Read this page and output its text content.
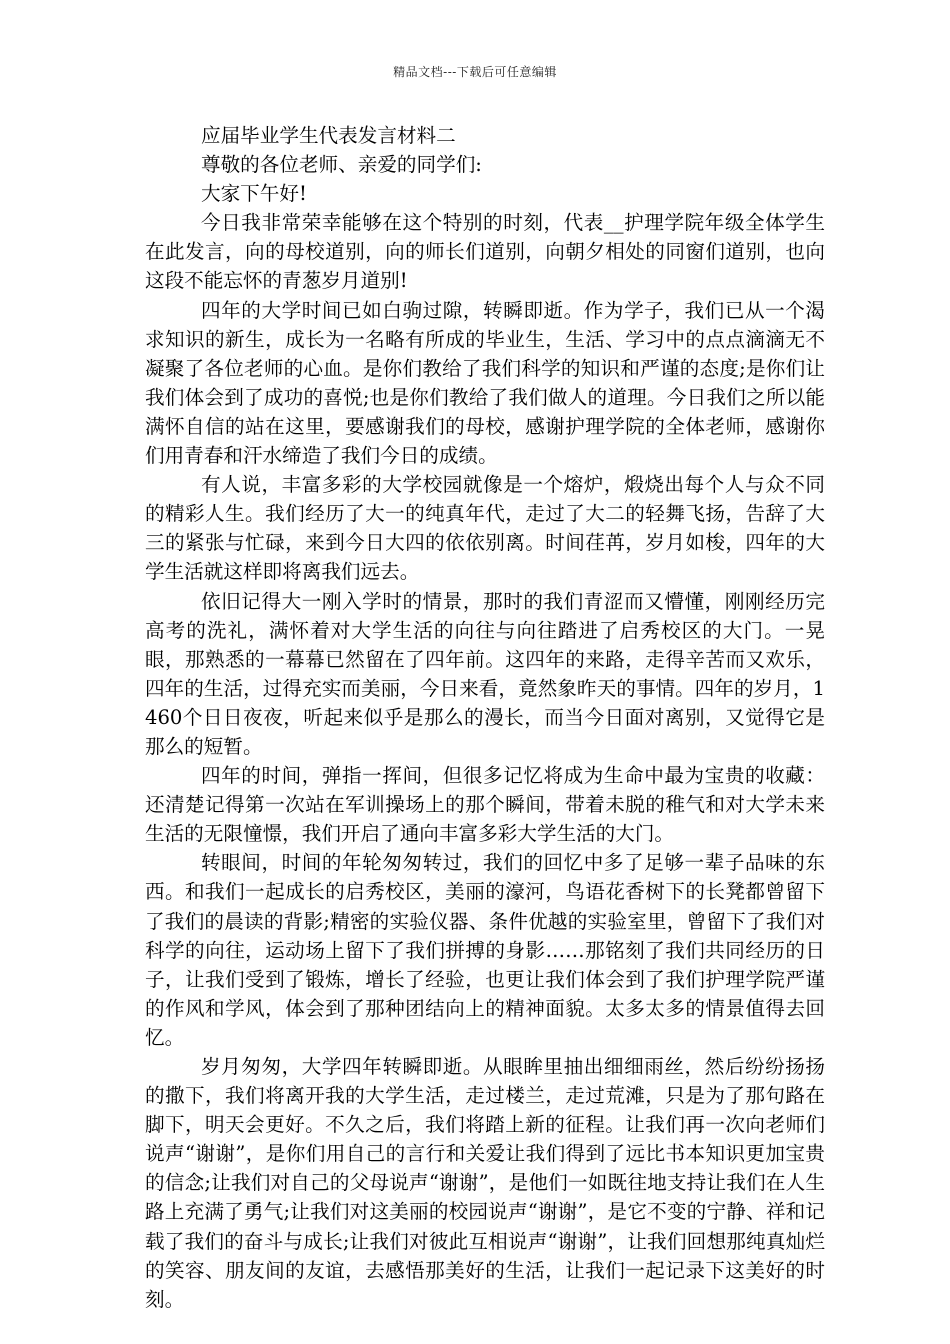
精品文档---下载后可任意编辑

应届毕业学生代表发言材料二

尊敬的各位老师、亲爱的同学们:

大家下午好!

今日我非常荣幸能够在这个特别的时刻，代表__护理学院年级全体学生在此发言，向的母校道别，向的师长们道别，向朝夕相处的同窗们道别，也向这段不能忘怀的青葱岁月道别!

四年的大学时间已如白驹过隙，转瞬即逝。作为学子，我们已从一个渴求知识的新生，成长为一名略有所成的毕业生，生活、学习中的点点滴滴无不凝聚了各位老师的心血。是你们教给了我们科学的知识和严谨的态度;是你们让我们体会到了成功的喜悦;也是你们教给了我们做人的道理。今日我们之所以能满怀自信的站在这里，要感谢我们的母校，感谢护理学院的全体老师，感谢你们用青春和汗水缔造了我们今日的成绩。

有人说，丰富多彩的大学校园就像是一个熔炉，煅烧出每个人与众不同的精彩人生。我们经历了大一的纯真年代，走过了大二的轻舞飞扬，告辞了大三的紧张与忙碌，来到今日大四的依依别离。时间荏苒，岁月如梭，四年的大学生活就这样即将离我们远去。

依旧记得大一刚入学时的情景，那时的我们青涩而又懵懂，刚刚经历完高考的洗礼，满怀着对大学生活的向往与向往踏进了启秀校区的大门。一晃眼，那熟悉的一幕幕已然留在了四年前。这四年的来路，走得辛苦而又欢乐，四年的生活，过得充实而美丽，今日来看，竟然象昨天的事情。四年的岁月，1460个日日夜夜，听起来似乎是那么的漫长，而当今日面对离别，又觉得它是那么的短暂。

四年的时间，弹指一挥间，但很多记忆将成为生命中最为宝贵的收藏：还清楚记得第一次站在军训操场上的那个瞬间，带着未脱的稚气和对大学未来生活的无限憧憬，我们开启了通向丰富多彩大学生活的大门。

转眼间，时间的年轮匆匆转过，我们的回忆中多了足够一辈子品味的东西。和我们一起成长的启秀校区，美丽的濠河，鸟语花香树下的长凳都曾留下了我们的晨读的背影;精密的实验仪器、条件优越的实验室里，曾留下了我们对科学的向往，运动场上留下了我们拼搏的身影……那铭刻了我们共同经历的日子，让我们受到了锻炼，增长了经验，也更让我们体会到了我们护理学院严谨的作风和学风，体会到了那种团结向上的精神面貌。太多太多的情景值得去回忆。

岁月匆匆，大学四年转瞬即逝。从眼眸里抽出细细雨丝，然后纷纷扬扬的撒下，我们将离开我的大学生活，走过楼兰，走过荒滩，只是为了那句路在脚下，明天会更好。不久之后，我们将踏上新的征程。让我们再一次向老师们说声“谢谢”，是你们用自己的言行和关爱让我们得到了远比书本知识更加宝贵的信念;让我们对自己的父母说声“谢谢”，是他们一如既往地支持让我们在人生路上充满了勇气;让我们对这美丽的校园说声“谢谢”，是它不变的宁静、祥和记载了我们的奋斗与成长;让我们对彼此互相说声“谢谢”，让我们回想那纯真灿烂的笑容、朋友间的友谊，去感悟那美好的生活，让我们一起记录下这美好的时刻。
